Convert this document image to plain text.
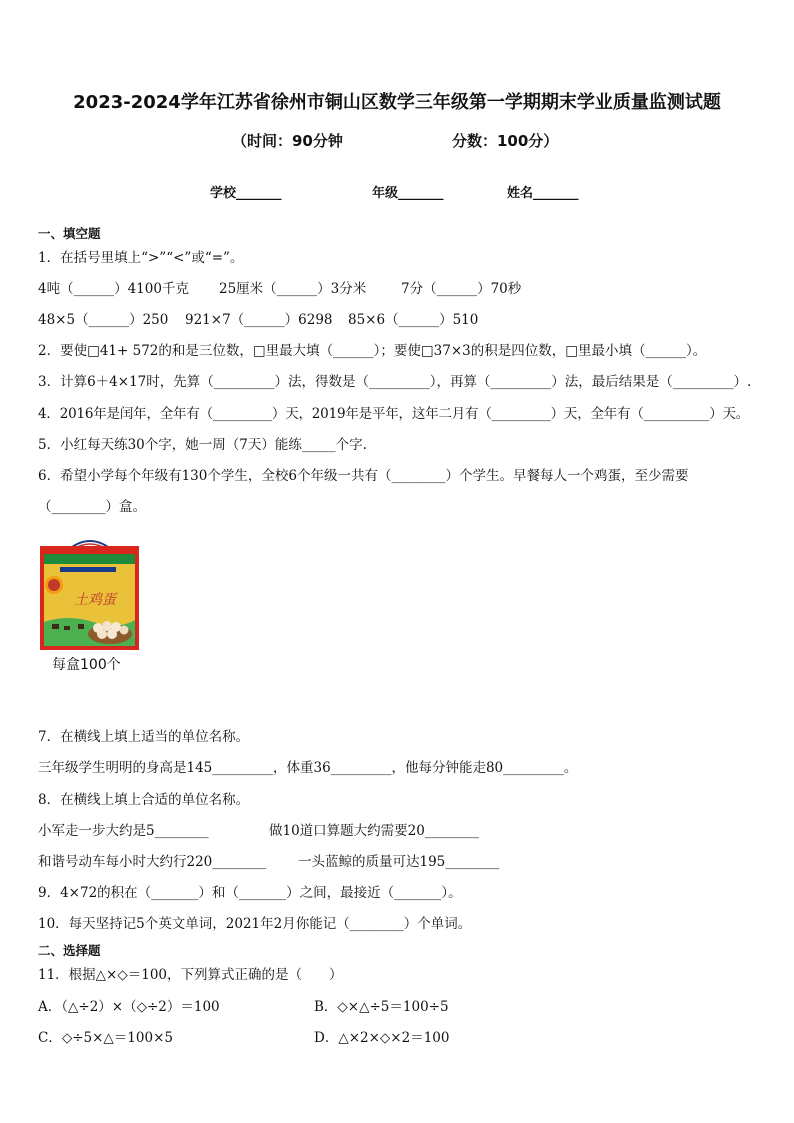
2023-2024学年江苏省徐州市铜山区数学三年级第一学期期末学业质量监测试题
（时间：90分钟	分数：100分）
学校_______	年级_______	姓名_______
一、填空题
1．在括号里填上“>”“<”或“=”。
4吨（______）4100千克 25厘米（______）3分米	7分（______）70秒
48×5（______）250 921×7（______）6298 85×6（______）510
2．要使□41+ 572的和是三位数，□里最大填（______）；要使□37×3的积是四位数，□里最小填（______）。
3．计算6＋4×17时，先算（_________）法，得数是（_________），再算（_________）法，最后结果是（_________）.
4．2016年是闰年，全年有（_________）天，2019年是平年，这年二月有（_________）天，全年有（__________）天。
5．小红每天练30个字，她一周（7天）能练_____个字.
6．希望小学每个年级有130个学生，全校6个年级一共有（________）个学生。早餐每人一个鸡蛋，至少需要
（________）盒。
土鸡蛋
每盒100个
7．在横线上填上适当的单位名称。
三年级学生明明的身高是145_________，体重36_________，他每分钟能走80_________。
8．在横线上填上合适的单位名称。
小军走一步大约是5________	做10道口算题大约需要20________
和谐号动车每小时大约行220________ 一头蓝鲸的质量可达195________
9．4×72的积在（_______）和（_______）之间，最接近（_______）。
10．每天坚持记5个英文单词，2021年2月你能记（________）个单词。
二、选择题
11．根据△×◇＝100，下列算式正确的是（　　）
A．（△÷2）×（◇÷2）＝100	B．◇×△÷5＝100÷5
C．◇÷5×△＝100×5	D．△×2×◇×2＝100
